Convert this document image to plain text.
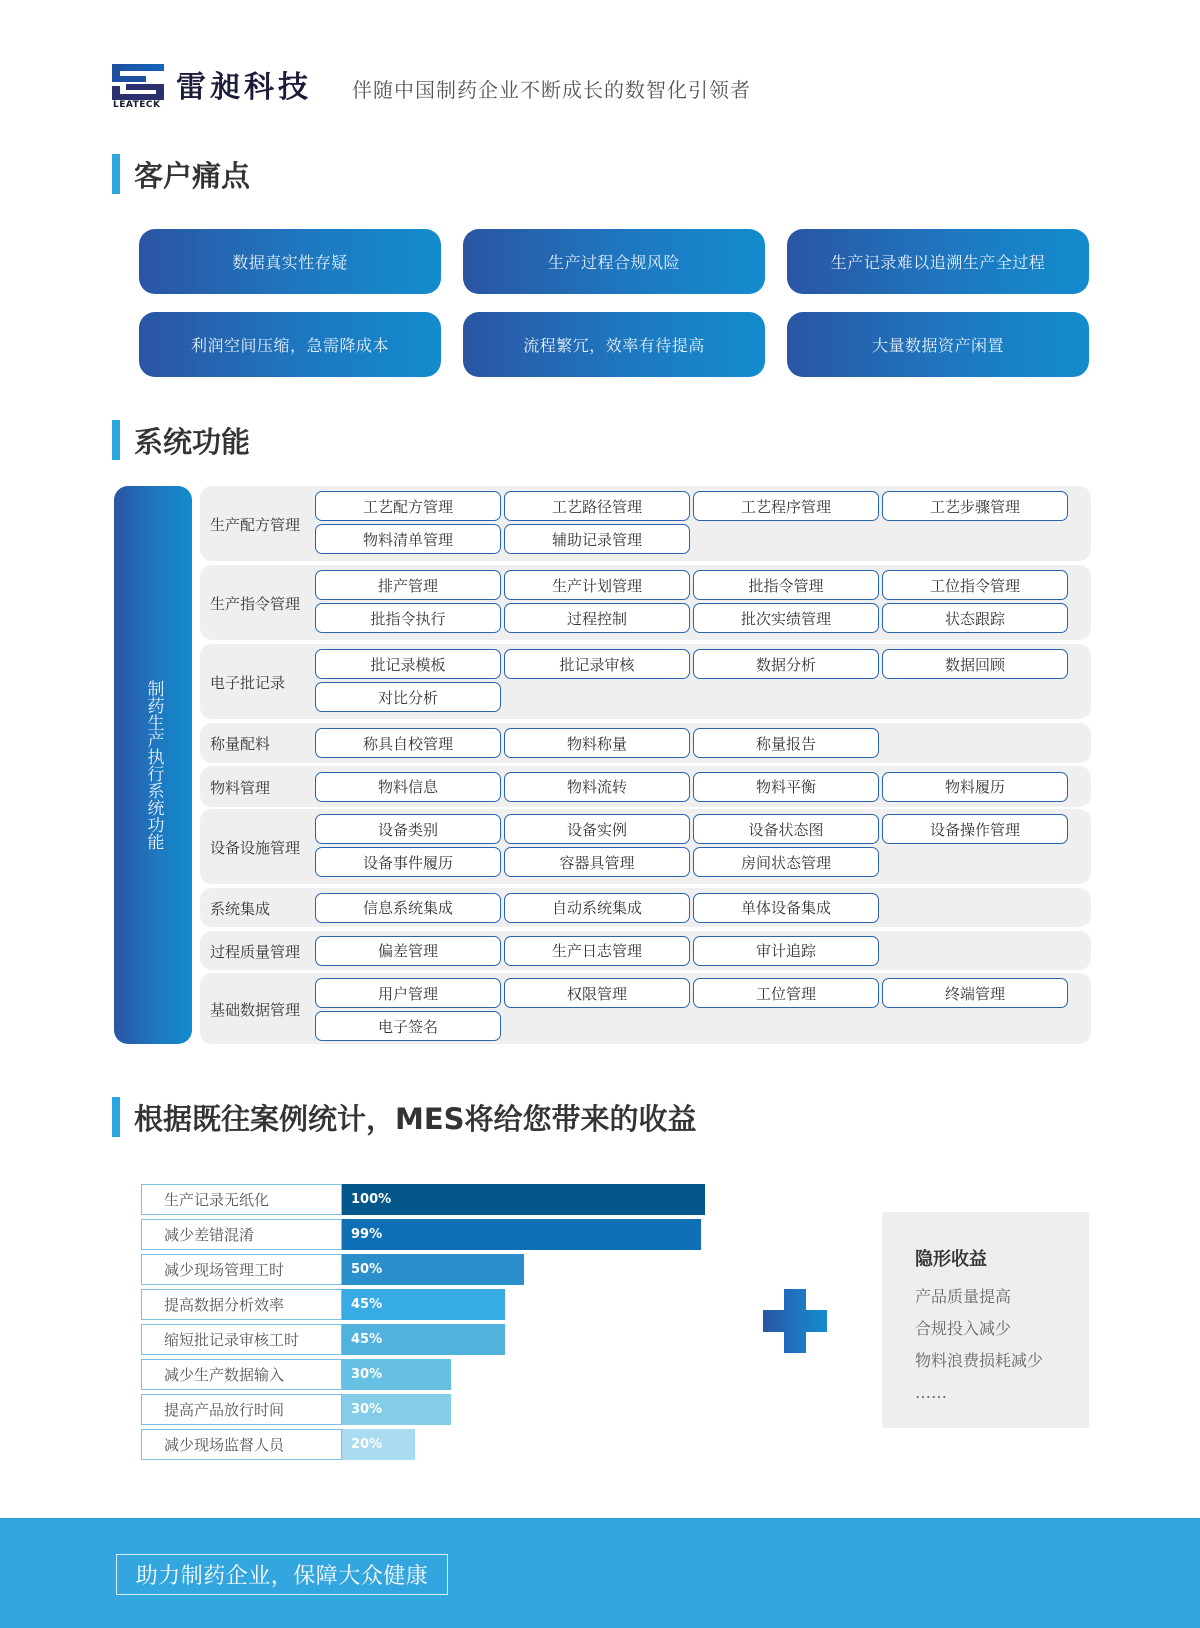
LEATECK 雷昶科技 伴随中国制药企业不断成长的数智化引领者
客户痛点
数据真实性存疑	生产过程合规风险	生产记录难以追溯生产全过程
利润空间压缩，急需降成本	流程繁冗，效率有待提高	大量数据资产闲置
系统功能
制药生产执行系统功能
生产配方管理
工艺配方管理	工艺路径管理	工艺程序管理	工艺步骤管理
物料清单管理	辅助记录管理
生产指令管理
排产管理	生产计划管理	批指令管理	工位指令管理
批指令执行	过程控制	批次实绩管理	状态跟踪
电子批记录
批记录模板	批记录审核	数据分析	数据回顾
对比分析
称量配料	称具自校管理	物料称量	称量报告
物料管理	物料信息	物料流转	物料平衡	物料履历
设备设施管理
设备类别	设备实例	设备状态图	设备操作管理
设备事件履历	容器具管理	房间状态管理
系统集成	信息系统集成	自动系统集成	单体设备集成
过程质量管理	偏差管理	生产日志管理	审计追踪
基础数据管理
用户管理	权限管理	工位管理	终端管理
电子签名
根据既往案例统计，MES将给您带来的收益
生产记录无纸化	100%
减少差错混淆	99%
减少现场管理工时	50%
提高数据分析效率	45%
缩短批记录审核工时	45%
减少生产数据输入	30%
提高产品放行时间	30%
减少现场监督人员	20%
隐形收益
产品质量提高
合规投入减少
物料浪费损耗减少
……
助力制药企业，保障大众健康
